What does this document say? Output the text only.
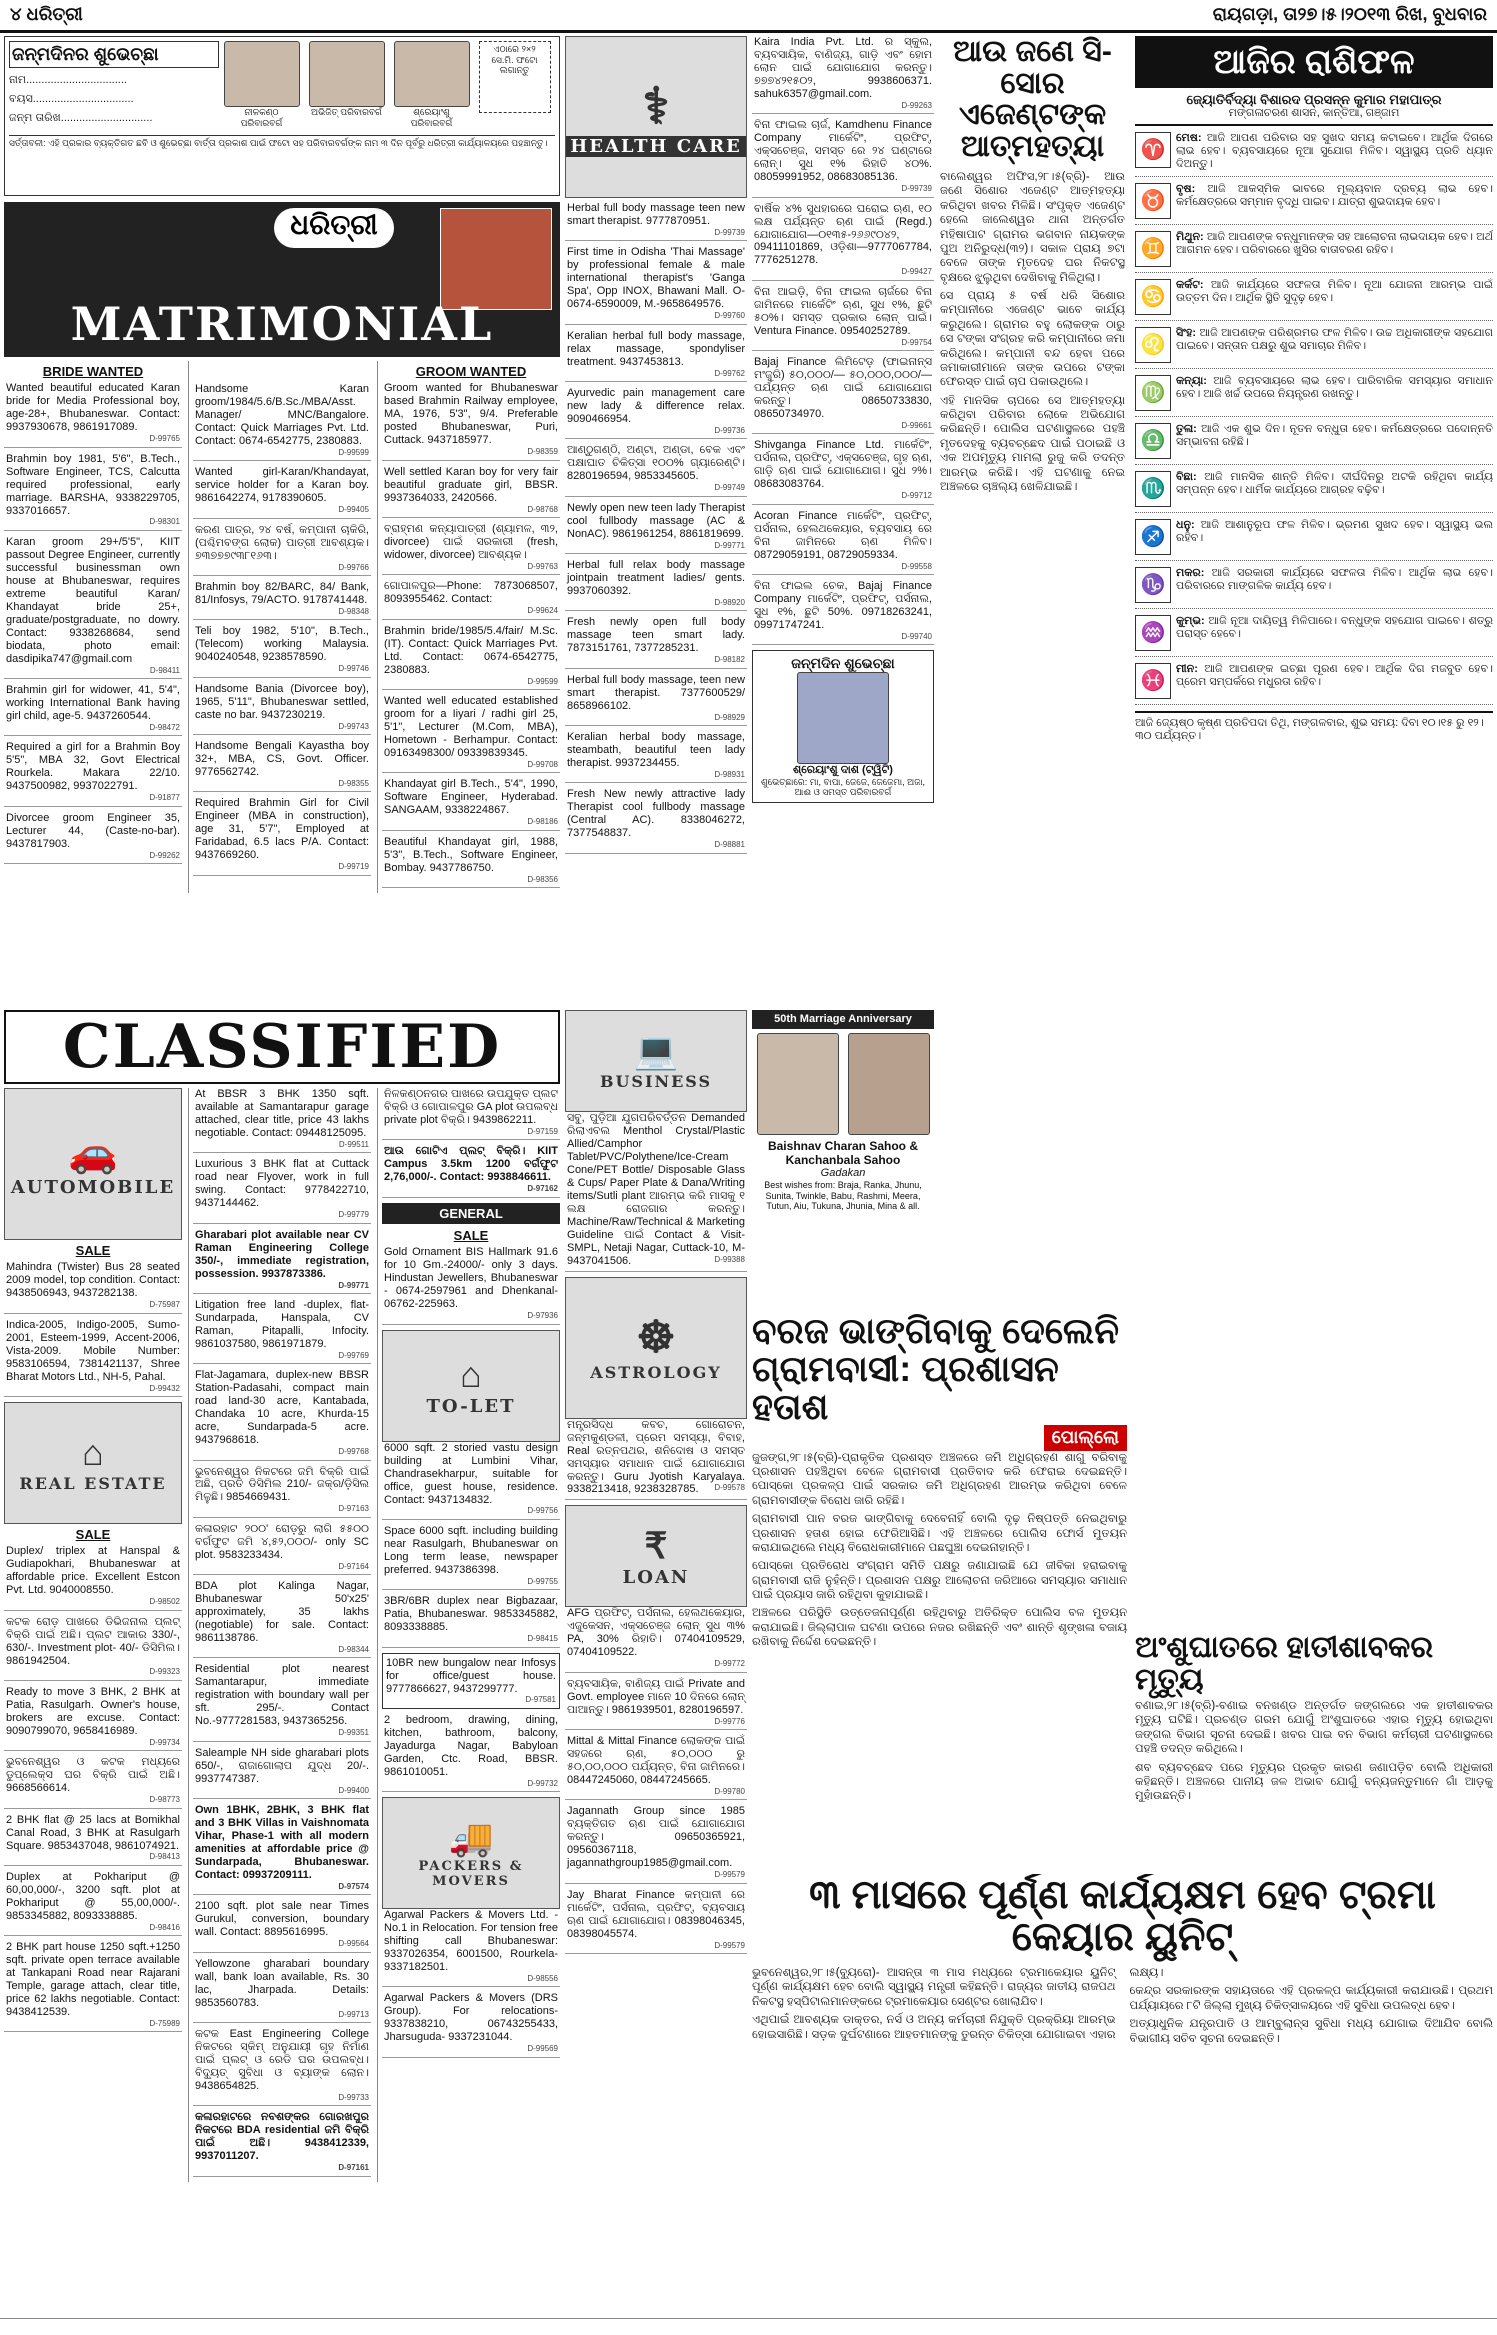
୪ ଧରିତ୍ରୀ	ରାୟଗଡ଼ା, ତା୨୭।୫।୨୦୧୩ ରିଖ, ବୁଧବାର
ଜନ୍ମଦିନର ଶୁଭେଚ୍ଛା
ନାମ.................................
ବୟସ.................................
ଜନ୍ମ ତାରିଖ..............................
ନୀଳକଣ୍ଠ ପରିବାରବର୍ଗ
ଅଭିଜିତ୍ ପରିବାରବର୍ଗ	ଶ୍ରେୟାଂଶୁ ପରିବାରବର୍ଗ
ଏଠାରେ ୨×୨ ସେ.ମି. ଫଟୋ ଲଗାନ୍ତୁ
ସର୍ତ୍ତାବଳୀ: ଏହି ପ୍ରକାର ବ୍ୟକ୍ତିଗତ ଛବି ଓ ଶୁଭେଚ୍ଛା ବାର୍ତ୍ତା ପ୍ରକାଶ ପାଇଁ ଫଟୋ ସହ ପରିବାରବର୍ଗଙ୍କ ନାମ ୩ ଦିନ ପୂର୍ବରୁ ଧରିତ୍ରୀ କାର୍ଯ୍ୟାଳୟରେ ପହଞ୍ଚାନ୍ତୁ।
ଧରିତ୍ରୀ
MATRIMONIAL
BRIDE WANTED
Wanted beautiful educated Karan bride for Media Professional boy, age-28+, Bhubaneswar. Contact: 9937930678, 9861917089.

D-99765
Brahmin boy 1981, 5'6", B.Tech., Software Engineer, TCS, Calcutta required professional, early marriage. BARSHA, 9338229705, 9337016657.

D-98301
Karan groom 29+/5'5", KIIT passout Degree Engineer, currently successful businessman own house at Bhubaneswar, requires extreme beautiful Karan/ Khandayat bride 25+, graduate/postgraduate, no dowry. Contact: 9338268684, send biodata, photo email: dasdipika747@gmail.com

D-98411
Brahmin girl for widower, 41, 5'4", working International Bank having girl child, age-5. 9437260544.

D-98472
Required a girl for a Brahmin Boy 5'5", MBA 32, Govt Electrical Rourkela. Makara 22/10. 9437500982, 9937022791.

D-91877
Divorcee groom Engineer 35, Lecturer 44, (Caste-no-bar). 9437817903.

D-99262
Handsome Karan groom/1984/5.6/B.Sc./MBA/Asst. Manager/ MNC/Bangalore. Contact: Quick Marriages Pvt. Ltd. Contact: 0674-6542775, 2380883.

D-99599
Wanted girl-Karan/Khandayat, service holder for a Karan boy. 9861642274, 9178390605.

D-99405
କରଣ ପାତ୍ର, ୨୪ ବର୍ଷ, କମ୍ପାନୀ ଚାକିରି, (ପଶ୍ଚିମବଙ୍ଗ ଲୋକ) ପାତ୍ରୀ ଆବଶ୍ୟକ। ୭୩୭୭୭୯୩୮୧୬୩।

D-99766
Brahmin boy 82/BARC, 84/ Bank, 81/Infosys, 79/ACTO. 9178741448.

D-98348
Teli boy 1982, 5'10", B.Tech., (Telecom) working Malaysia. 9040240548, 9238578590.

D-99746
Handsome Bania (Divorcee boy), 1965, 5'11", Bhubaneswar settled, caste no bar. 9437230219.

D-99743
Handsome Bengali Kayastha boy 32+, MBA, CS, Govt. Officer. 9776562742.

D-98355
Required Brahmin Girl for Civil Engineer (MBA in construction), age 31, 5'7", Employed at Faridabad, 6.5 lacs P/A. Contact: 9437669260.

D-99719
GROOM WANTED
Groom wanted for Bhubaneswar based Brahmin Railway employee, MA, 1976, 5'3", 9/4. Preferable posted Bhubaneswar, Puri, Cuttack. 9437185977.

D-98359
Well settled Karan boy for very fair beautiful graduate girl, BBSR. 9937364033, 2420566.

D-98768
ବ୍ରାହ୍ମଣ କନ୍ୟାପାତ୍ରୀ (ଶ୍ୟାମଳ, ୩୨, divorcee) ପାଇଁ ସରକାରୀ (fresh, widower, divorcee) ଆବଶ୍ୟକ।

D-99763
ଗୋପାଳପୁର—Phone: 7873068507, 8093955462. Contact:

D-99624
Brahmin bride/1985/5.4/fair/ M.Sc. (IT). Contact: Quick Marriages Pvt. Ltd. Contact: 0674-6542775, 2380883.

D-99599
Wanted well educated established groom for a Iiyari / radhi girl 25, 5'1", Lecturer (M.Com, MBA), Hometown - Berhampur. Contact: 09163498300/ 09339839345.

D-99708
Khandayat girl B.Tech., 5'4", 1990, Software Engineer, Hyderabad. SANGAAM, 9338224867.

D-98186
Beautiful Khandayat girl, 1988, 5'3", B.Tech., Software Engineer, Bombay. 9437786750.

D-98356
⚕
HEALTH CARE
Herbal full body massage teen new smart therapist. 9777870951.

D-99739
First time in Odisha 'Thai Massage' by professional female & male international therapist's 'Ganga Spa', Opp INOX, Bhawani Mall. O-0674-6590009, M.-9658649576.

D-99760
Keralian herbal full body massage, relax massage, spondyliser treatment. 9437453813.

D-99762
Ayurvedic pain management care new lady & difference relax. 9090466954.

D-99736
ଆଣ୍ଠୁଗଣ୍ଠି, ଅଣ୍ଟା, ଅଣ୍ଡା, ବେକ ଏବଂ ପକ୍ଷାଘାତ ଚିକିତ୍ସା ୧୦୦% ଗ୍ୟାରେଣ୍ଟି। 8280196594, 9853345605.

D-99749
Newly open new teen lady Therapist cool fullbody massage (AC & NonAC). 9861961254, 8861819699.

D-99771
Herbal full relax body massage jointpain treatment ladies/ gents. 9937060392.

D-98920
Fresh newly open full body massage teen smart lady. 7873151761, 7377285231.

D-98182
Herbal full body massage, teen new smart therapist. 7377600529/ 8658966102.

D-98929
Keralian herbal body massage, steambath, beautiful teen lady therapist. 9937234455.

D-98931
Fresh New newly attractive lady Therapist cool fullbody massage (Central AC). 8338046272, 7377548837.

D-98881
Kaira India Pvt. Ltd. ର ସ୍କୁଲ, ବ୍ୟବସାୟିକ, ବାଣିଜ୍ୟ, ଗାଡ଼ି ଏବଂ ହୋମ ଲୋନ ପାଇଁ ଯୋଗାଯୋଗ କରନ୍ତୁ। ୭୭୭୪୨୧୫୦୨, 9938606371. sahuk6357@gmail.com.

D-99263
ବିନା ଫାଇଲ ଚାର୍ଜ, Kamdhenu Finance Company ମାର୍କେଟିଂ, ପ୍ରଫିଟ୍, ଏକ୍ସଚେଞ୍ଜ, ସମସ୍ତ ରେ ୨୪ ଘଣ୍ଟାରେ ଲୋନ୍। ସୁଧ ୧% ରିହାତି ୪୦%. 08059991952, 08683085136.

D-99739
ବାର୍ଷିକ ୪% ସୁଧହାରରେ ଘରୋଇ ଋଣ, ୧୦ ଲକ୍ଷ ପର୍ଯ୍ୟନ୍ତ ଋଣ ପାଇଁ (Regd.) ଯୋଗାଯୋଗ—୦୧୩୫-୨୬୬୯୦୪୨, 09411101869, ଓଡ଼ିଶା—9777067784, 7776251278.

D-99427
ବିନା ଆଇଡ଼ି, ବିନା ଫାଇଲ ଚାର୍ଜରେ ବିନା ଜାମିନରେ ମାର୍କେଟିଂ ଋଣ, ସୁଧ ୧%, ଛୁଟି ୫୦%। ସମସ୍ତ ପ୍ରକାର ଲୋନ୍ ପାଇଁ। Ventura Finance. 09540252789.

D-99754
Bajaj Finance ଲିମିଟେଡ଼ (ଫାଇନାନ୍ସ ମଂଜୁରି) ୫୦,୦୦୦/— ୫୦,୦୦୦,୦୦୦/— ପର୍ଯ୍ୟନ୍ତ ଋଣ ପାଇଁ ଯୋଗାଯୋଗ କରନ୍ତୁ। 08650733830, 08650734970.

D-99661
Shivganga Finance Ltd. ମାର୍କେଟିଂ, ପର୍ସନାଲ, ପ୍ରଫିଟ୍, ଏକ୍ସଚେଞ୍ଜ, ଗୃହ ଋଣ, ଗାଡ଼ି ଋଣ ପାଇଁ ଯୋଗାଯୋଗ। ସୁଧ ୨%। 08683083764.

D-99712
Acoran Finance ମାର୍କେଟିଂ, ପ୍ରଫିଟ୍, ପର୍ସନାଲ, ହେଲଥକେୟାର, ବ୍ୟବସାୟ ରେ ବିନା ଜାମିନରେ ଋଣ ମିଳିବ। 08729059191, 08729059334.

D-99558
ବିନା ଫାଇଲ ଚେକ, Bajaj Finance Company ମାର୍କେଟିଂ, ପ୍ରଫିଟ୍, ପର୍ସନାଲ, ସୁଧ ୧%, ଛୁଟି 50%. 09718263241, 09971747241.

D-99740
ଜନ୍ମଦିନ ଶୁଭେଚ୍ଛା
ଶ୍ରେୟାଂଶୁ ଦାଶ (ଟ୍ୱିଟି)
ଶୁଭେଚ୍ଛାରେ: ମା, ବାପା, ଜେଜେ, ଜେଜେମା, ଅଜା, ଆଈ ଓ ସମସ୍ତ ପରିବାରବର୍ଗ
ଆଉ ଜଣେ ସି-ସୋର ଏଜେଣ୍ଟଙ୍କ ଆତ୍ମହତ୍ୟା

ବାଲେଶ୍ୱର ଅଫିସ,୨୮।୫(ବ୍ରି)- ଆଉ ଜଣେ ସିଶୋର ଏଜେଣ୍ଟ ଆତ୍ମହତ୍ୟା କରିଥିବା ଖବର ମିଳିଛି। ସଂପୃକ୍ତ ଏଜେଣ୍ଟ ହେଲେ ଜାଲେଶ୍ୱର ଥାନା ଅନ୍ତର୍ଗତ ମହିଷାପାଟ ଗ୍ରାମର ଭଗବାନ ନାୟକଙ୍କ ପୁଅ ଅନିରୁଦ୍ଧ(୩୨)। ସକାଳ ପ୍ରାୟ ୭ଟା ବେଳେ ତାଙ୍କ ମୃତଦେହ ଘର ନିକଟସ୍ଥ ବୃକ୍ଷରେ ଝୁଲୁଥିବା ଦେଖିବାକୁ ମିଳିଥିଲା।

ସେ ପ୍ରାୟ ୫ ବର୍ଷ ଧରି ସିଶୋର କମ୍ପାନୀରେ ଏଜେଣ୍ଟ ଭାବେ କାର୍ଯ୍ୟ କରୁଥିଲେ। ଗ୍ରାମର ବହୁ ଲୋକଙ୍କ ଠାରୁ ସେ ଟଙ୍କା ସଂଗ୍ରହ କରି କମ୍ପାନୀରେ ଜମା କରିଥିଲେ। କମ୍ପାନୀ ବନ୍ଦ ହେବା ପରେ ଜମାକାରୀମାନେ ତାଙ୍କ ଉପରେ ଟଙ୍କା ଫେରସ୍ତ ପାଇଁ ଚାପ ପକାଉଥିଲେ।

ଏହି ମାନସିକ ଚାପରେ ସେ ଆତ୍ମହତ୍ୟା କରିଥିବା ପରିବାର ଲୋକେ ଅଭିଯୋଗ କରିଛନ୍ତି। ପୋଲିସ ଘଟଣାସ୍ଥଳରେ ପହଞ୍ଚି ମୃତଦେହକୁ ବ୍ୟବଚ୍ଛେଦ ପାଇଁ ପଠାଇଛି ଓ ଏକ ଅପମୃତ୍ୟୁ ମାମଲା ରୁଜୁ କରି ତଦନ୍ତ ଆରମ୍ଭ କରିଛି। ଏହି ଘଟଣାକୁ ନେଇ ଅଞ୍ଚଳରେ ଚାଞ୍ଚଲ୍ୟ ଖେଳିଯାଇଛି।

ଆଜିର ରାଶିଫଳ
ଜ୍ୟୋତିର୍ବିଦ୍ୟା ବିଶାରଦ ପ୍ରସନ୍ନ କୁମାର ମହାପାତ୍ର
ମଙ୍ଗଳାଚରଣ ଶାସନ, କାନ୍ତିଆ, ଗଞ୍ଜାମ
♈

ମେଷ: ଆଜି ଆପଣ ପରିବାର ସହ ସୁଖଦ ସମୟ କଟାଇବେ। ଆର୍ଥିକ ଦିଗରେ ଲାଭ ହେବ। ବ୍ୟବସାୟରେ ନୂଆ ସୁଯୋଗ ମିଳିବ। ସ୍ୱାସ୍ଥ୍ୟ ପ୍ରତି ଧ୍ୟାନ ଦିଅନ୍ତୁ।

♉

ବୃଷ: ଆଜି ଆକସ୍ମିକ ଭାବରେ ମୂଲ୍ୟବାନ ଦ୍ରବ୍ୟ ଲାଭ ହେବ। କର୍ମକ୍ଷେତ୍ରରେ ସମ୍ମାନ ବୃଦ୍ଧି ପାଇବ। ଯାତ୍ରା ଶୁଭଦାୟକ ହେବ।

♊

ମିଥୁନ: ଆଜି ଆପଣଙ୍କ ବନ୍ଧୁମାନଙ୍କ ସହ ଆଲୋଚନା ଲାଭଦାୟକ ହେବ। ଅର୍ଥ ଆଗମନ ହେବ। ପରିବାରରେ ଖୁସିର ବାତାବରଣ ରହିବ।

♋

କର୍କଟ: ଆଜି କାର୍ଯ୍ୟରେ ସଫଳତା ମିଳିବ। ନୂଆ ଯୋଜନା ଆରମ୍ଭ ପାଇଁ ଉତ୍ତମ ଦିନ। ଆର୍ଥିକ ସ୍ଥିତି ସୁଦୃଢ଼ ହେବ।

♌

ସିଂହ: ଆଜି ଆପଣଙ୍କ ପରିଶ୍ରମର ଫଳ ମିଳିବ। ଉଚ୍ଚ ଅଧିକାରୀଙ୍କ ସହଯୋଗ ପାଇବେ। ସନ୍ତାନ ପକ୍ଷରୁ ଶୁଭ ସମାଚାର ମିଳିବ।

♍

କନ୍ୟା: ଆଜି ବ୍ୟବସାୟରେ ଲାଭ ହେବ। ପାରିବାରିକ ସମସ୍ୟାର ସମାଧାନ ହେବ। ଆଜି ଖର୍ଚ୍ଚ ଉପରେ ନିୟନ୍ତ୍ରଣ ରଖନ୍ତୁ।

♎

ତୁଳା: ଆଜି ଏକ ଶୁଭ ଦିନ। ନୂତନ ବନ୍ଧୁତା ହେବ। କର୍ମକ୍ଷେତ୍ରରେ ପଦୋନ୍ନତି ସମ୍ଭାବନା ରହିଛି।

♏

ବିଛା: ଆଜି ମାନସିକ ଶାନ୍ତି ମିଳିବ। ଦୀର୍ଘଦିନରୁ ଅଟକି ରହିଥିବା କାର୍ଯ୍ୟ ସମ୍ପନ୍ନ ହେବ। ଧାର୍ମିକ କାର୍ଯ୍ୟରେ ଆଗ୍ରହ ବଢ଼ିବ।

♐

ଧନୁ: ଆଜି ଆଶାନୁରୂପ ଫଳ ମିଳିବ। ଭ୍ରମଣ ସୁଖଦ ହେବ। ସ୍ୱାସ୍ଥ୍ୟ ଭଲ ରହିବ।

♑

ମକର: ଆଜି ସରକାରୀ କାର୍ଯ୍ୟରେ ସଫଳତା ମିଳିବ। ଆର୍ଥିକ ଲାଭ ହେବ। ପରିବାରରେ ମାଙ୍ଗଳିକ କାର୍ଯ୍ୟ ହେବ।

♒

କୁମ୍ଭ: ଆଜି ନୂଆ ଦାୟିତ୍ୱ ମିଳିପାରେ। ବନ୍ଧୁଙ୍କ ସହଯୋଗ ପାଇବେ। ଶତ୍ରୁ ପରାସ୍ତ ହେବେ।

♓

ମୀନ: ଆଜି ଆପଣଙ୍କ ଇଚ୍ଛା ପୂରଣ ହେବ। ଆର୍ଥିକ ଦିଗ ମଜବୁତ ହେବ। ପ୍ରେମ ସମ୍ପର୍କରେ ମଧୁରତା ରହିବ।

ଆଜି ଜ୍ୟେଷ୍ଠ କୃଷ୍ଣ ପ୍ରତିପଦା ତିଥି, ମଙ୍ଗଳବାର, ଶୁଭ ସମୟ: ଦିବା ୧୦।୧୫ ରୁ ୧୨।୩୦ ପର୍ଯ୍ୟନ୍ତ।
CLASSIFIED
🚗
AUTOMOBILE
SALE
Mahindra (Twister) Bus 28 seated 2009 model, top condition. Contact: 9438506943, 9437282138.

D-75987
Indica-2005, Indigo-2005, Sumo-2001, Esteem-1999, Accent-2006, Vista-2009. Mobile Number: 9583106594, 7381421137, Shree Bharat Motors Ltd., NH-5, Pahal.

D-99432
⌂
REAL ESTATE
SALE
Duplex/ triplex at Hanspal & Gudiapokhari, Bhubaneswar at affordable price. Excellent Estcon Pvt. Ltd. 9040008550.

D-98502
କଟକ ରୋଡ଼ ପାଖରେ ଡିଭିଜନାଲ ପ୍ଲଟ୍ ବିକ୍ରି ପାଇଁ ଅଛି। ପ୍ଲଟ ଆକାର 330/-, 630/-. Investment plot- 40/- ଡିସିମିଲ। 9861942504.

D-99323
Ready to move 3 BHK, 2 BHK at Patia, Rasulgarh. Owner's house, brokers are excuse. Contact: 9090799070, 9658416989.

D-99734
ଭୁବନେଶ୍ୱର ଓ କଟକ ମଧ୍ୟରେ ଡୁପ୍ଲେକ୍ସ ଘର ବିକ୍ରି ପାଇଁ ଅଛି। 9668566614.

D-98773
2 BHK flat @ 25 lacs at Bomikhal Canal Road, 3 BHK at Rasulgarh Square. 9853437048, 9861074921.

D-98413
Duplex at Pokhariput @ 60,00,000/-, 3200 sqft. plot at Pokhariput @ 55,00,000/-. 9853345882, 8093338885.

D-98416
2 BHK part house 1250 sqft.+1250 sqft. private open terrace available at Tankapani Road near Rajarani Temple, garage attach, clear title, price 62 lakhs negotiable. Contact: 9438412539.

D-75989
At BBSR 3 BHK 1350 sqft. available at Samantarapur garage attached, clear title, price 43 lakhs negotiable. Contact: 09448125095.

D-99511
Luxurious 3 BHK flat at Cuttack road near Flyover, work in full swing. Contact: 9778422710, 9437144462.

D-99779
Gharabari plot available near CV Raman Engineering College 350/-, immediate registration, possession. 9937873386.

D-99771
Litigation free land -duplex, flat-Sundarpada, Hanspala, CV Raman, Pitapalli, Infocity. 9861037580, 9861971879.

D-99769
Flat-Jagamara, duplex-new BBSR Station-Padasahi, compact main road land-30 acre, Kantabada, Chandaka 10 acre, Khurda-15 acre, Sundarpada-5 acre. 9437968618.

D-99768
ଭୁବନେଶ୍ୱର ନିକଟରେ ଜମି ବିକ୍ରି ପାଇଁ ଅଛି, ପ୍ରତି ଡିସିମିଲ 210/- ଜକ୍ର/ଡ଼ିସିଲ ମିଳୁଛି। 9854669431.

D-97163
କଳାରହାଟ ୨୦୦' ରୋଡ଼ରୁ ଲାଗି ୫୫୦୦ ବର୍ଗଫୁଟ ଜମି ୪,୫୨,୦୦୦/- only SC plot. 9583233434.

D-97164
BDA plot Kalinga Nagar, Bhubaneswar 50'x25' approximately, 35 lakhs (negotiable) for sale. Contact: 9861138786.

D-98344
Residential plot nearest Samantarapur, immediate registration with boundary wall per sft. 295/-. Contact No.-9777281583, 9437365256.

D-99351
Saleample NH side gharabari plots 650/-, ରାଜାଗୋଲାପ ଯୁଦ୍ଧ 20/-. 9937747387.

D-99400
Own 1BHK, 2BHK, 3 BHK flat and 3 BHK Villas in Vaishnomata Vihar, Phase-1 with all modern amenities at affordable price @ Sundarpada, Bhubaneswar. Contact: 09937209111.

D-97574
2100 sqft. plot sale near Times Gurukul, conversion, boundary wall. Contact: 8895616995.

D-99564
Yellowzone gharabari boundary wall, bank loan available, Rs. 30 lac, Jharpada. Details: 9853560783.

D-99713
କଟକ East Engineering College ନିକଟରେ ସ୍କିମ୍ ଅନୁଯାୟୀ ଗୃହ ନିର୍ମାଣ ପାଇଁ ପ୍ଲଟ୍ ଓ ରେଡି ଘର ଉପଲବ୍ଧ। ବିଦ୍ୟୁତ୍ ସୁବିଧା ଓ ବ୍ୟାଙ୍କ ଲୋନ। 9438654825.

D-99733
କଳାରହାଟରେ ନବଶଙ୍କର ଗୋରଖପୁର ନିକଟରେ BDA residential ଜମି ବିକ୍ରି ପାଇଁ ଅଛି। 9438412339, 9937011207.

D-97161
ନିଳକଣ୍ଠନଗର ପାଖରେ ଉପଯୁକ୍ତ ପ୍ଲଟ ବିକ୍ରି ଓ ଗୋପାଳପୁର GA plot ଉପଲବ୍ଧ private plot ବିକ୍ରି। 9439862211.

D-97159
ଆଉ ଗୋଟିଏ ପ୍ଲଟ୍ ବିକ୍ରି। KIIT Campus 3.5km 1200 ବର୍ଗଫୁଟ 2,76,000/-. Contact: 9938846611.

D-97162
GENERAL
SALE
Gold Ornament BIS Hallmark 91.6 for 10 Gm.-24000/- only 3 days. Hindustan Jewellers, Bhubaneswar - 0674-2597961 and Dhenkanal-06762-225963.

D-97936
⌂
TO-LET
6000 sqft. 2 storied vastu design building at Lumbini Vihar, Chandrasekharpur, suitable for office, guest house, residence. Contact: 9437134832.

D-99756
Space 6000 sqft. including building near Rasulgarh, Bhubaneswar on Long term lease, newspaper preferred. 9437386398.

D-99755
3BR/6BR duplex near Bigbazaar, Patia, Bhubaneswar. 9853345882, 8093338885.

D-98415
10BR new bungalow near Infosys for office/guest house. 9777866627, 9437299777.

D-97581
2 bedroom, drawing, dining, kitchen, bathroom, balcony, Jayadurga Nagar, Babyloan Garden, Ctc. Road, BBSR. 9861010051.

D-99732
🚚
PACKERS & MOVERS
Agarwal Packers & Movers Ltd. - No.1 in Relocation. For tension free shifting call Bhubaneswar: 9337026354, 6001500, Rourkela-9337182501.

D-98556
Agarwal Packers & Movers (DRS Group). For relocations-9337838210, 06743255433, Jharsuguda- 9337231044.

D-99569
💻
BUSINESS
ସବୁ, ପୁଡ଼ିଆ ଯୁଗପରିବର୍ତ୍ତନ Demanded ରିଲାଏବଲ Menthol Crystal/Plastic Allied/Camphor Tablet/PVC/Polythene/Ice-Cream Cone/PET Bottle/ Disposable Glass & Cups/ Paper Plate & Dana/Writing items/Sutli plant ଆରମ୍ଭ କରି ମାସକୁ ୧ ଲକ୍ଷ ରୋଜଗାର କରନ୍ତୁ। Machine/Raw/Technical & Marketing Guideline ପାଇଁ Contact & Visit-SMPL, Netaji Nagar, Cuttack-10, M-9437041506.	D-99388
☸
ASTROLOGY
ମନ୍ତ୍ରସିଦ୍ଧ କବଚ, ଗୋରୋଚନ, ଜନ୍ମକୁଣ୍ଡଳୀ, ପ୍ରେମ ସମସ୍ୟା, ବିବାହ, Real ରତ୍ନପଥର, ଶନିଦୋଷ ଓ ସମସ୍ତ ସମସ୍ୟାର ସମାଧାନ ପାଇଁ ଯୋଗାଯୋଗ କରନ୍ତୁ। Guru Jyotish Karyalaya. 9338213418, 9238328785. D-99578
₹
LOAN
AFG ପ୍ରଫିଟ୍, ପର୍ସନାଲ, ହେଲଥକେୟାର, ଏଜୁକେସନ, ଏକ୍ସଚେଞ୍ଜ ଲୋନ୍ ସୁଧ ୩% PA, 30% ରିହାତି। 07404109529, 07404109522.

D-99772
ବ୍ୟବସାୟିକ, ବାଣିଜ୍ୟ ପାଇଁ Private and Govt. employee ମାନେ 10 ଦିନରେ ଲୋନ୍ ପାଆନ୍ତୁ। 9861939501, 8280196597.

D-99776
Mittal & Mittal Finance ଲୋକଙ୍କ ପାଇଁ ସହଜରେ ଋଣ, ୫୦,୦୦୦ ରୁ ୫୦,୦୦,୦୦୦ ପର୍ଯ୍ୟନ୍ତ, ବିନା ଜାମିନରେ। 08447245060, 08447245665.

D-99780
Jagannath Group since 1985 ବ୍ୟକ୍ତିଗତ ଋଣ ପାଇଁ ଯୋଗାଯୋଗ କରନ୍ତୁ। 09650365921, 09560367118, jagannathgroup1985@gmail.com.

D-99579
Jay Bharat Finance କମ୍ପାନୀ ରେ ମାର୍କେଟିଂ, ପର୍ସନାଲ, ପ୍ରଫିଟ୍, ବ୍ୟବସାୟ ଋଣ ପାଇଁ ଯୋଗାଯୋଗ। 08398046345, 08398045574.

D-99579
50th Marriage Anniversary
Baishnav Charan Sahoo & Kanchanbala Sahoo
Gadakan
Best wishes from: Braja, Ranka, Jhunu, Sunita, Twinkle, Babu, Rashmi, Meera, Tutun, Aiu, Tukuna, Jhunia, Mina & all.
ବରଜ ଭାଙ୍ଗିବାକୁ ଦେଲେନି ଗ୍ରାମବାସୀ: ପ୍ରଶାସନ ହତାଶ
ପୋଲ୍ଲୋ

ଜୁଜଙ୍ଗ,୨୮।୫(ବ୍ରି)-ପ୍ରାକୃତିକ ପ୍ରଶସ୍ତ ଅଞ୍ଚଳରେ ଜମି ଅଧିଗ୍ରହଣ ଶାଗୁ ବରିବାକୁ ପ୍ରଶାସନ ପହଞ୍ଚିଥିବା ବେଳେ ଗ୍ରାମବାସୀ ପ୍ରତିବାଦ କରି ଫେରାଇ ଦେଇଛନ୍ତି। ପୋସ୍କୋ ପ୍ରକଳ୍ପ ପାଇଁ ସରକାର ଜମି ଅଧିଗ୍ରହଣ ଆରମ୍ଭ କରିଥିବା ବେଳେ ଗ୍ରାମବାସୀଙ୍କ ବିରୋଧ ଜାରି ରହିଛି।

ଗ୍ରାମବାସୀ ପାନ ବରଜ ଭାଙ୍ଗିବାକୁ ଦେବେନାହିଁ ବୋଲି ଦୃଢ଼ ନିଷ୍ପତ୍ତି ନେଇଥିବାରୁ ପ୍ରଶାସନ ହତାଶ ହୋଇ ଫେରିଆସିଛି। ଏହି ଅଞ୍ଚଳରେ ପୋଲିସ ଫୋର୍ସ ମୁତୟନ କରାଯାଇଥିଲେ ମଧ୍ୟ ବିରୋଧକାରୀମାନେ ପଛଘୁଞ୍ଚା ଦେଇନାହାନ୍ତି।

ପୋସ୍କୋ ପ୍ରତିରୋଧ ସଂଗ୍ରାମ ସମିତି ପକ୍ଷରୁ ଜଣାଯାଇଛି ଯେ ଜୀବିକା ହରାଇବାକୁ ଗ୍ରାମବାସୀ ରାଜି ନୁହଁନ୍ତି। ପ୍ରଶାସନ ପକ୍ଷରୁ ଆଲୋଚନା ଜରିଆରେ ସମସ୍ୟାର ସମାଧାନ ପାଇଁ ପ୍ରୟାସ ଜାରି ରହିଥିବା କୁହାଯାଇଛି।

ଅଞ୍ଚଳରେ ପରିସ୍ଥିତି ଉତ୍ତେଜନାପୂର୍ଣ୍ଣ ରହିଥିବାରୁ ଅତିରିକ୍ତ ପୋଲିସ ବଳ ମୁତୟନ କରାଯାଇଛି। ଜିଲ୍ଲାପାଳ ଘଟଣା ଉପରେ ନଜର ରଖିଛନ୍ତି ଏବଂ ଶାନ୍ତି ଶୃଙ୍ଖଳା ବଜାୟ ରଖିବାକୁ ନିର୍ଦ୍ଦେଶ ଦେଇଛନ୍ତି।	ଅଂଶୁଘାତରେ ହାତୀଶାବକର ମୃତ୍ୟୁ

ବଣାଇ,୨୮।୫(ବ୍ରି)-ବଣାଇ ବନଖଣ୍ଡ ଅନ୍ତର୍ଗତ ଜଙ୍ଗଲରେ ଏକ ହାତୀଶାବକର ମୃତ୍ୟୁ ଘଟିଛି। ପ୍ରଚଣ୍ଡ ଗରମ ଯୋଗୁଁ ଅଂଶୁଘାତରେ ଏହାର ମୃତ୍ୟୁ ହୋଇଥିବା ଜଙ୍ଗଲ ବିଭାଗ ସୂଚନା ଦେଇଛି। ଖବର ପାଇ ବନ ବିଭାଗ କର୍ମଚାରୀ ଘଟଣାସ୍ଥଳରେ ପହଞ୍ଚି ତଦନ୍ତ କରିଥିଲେ।

ଶବ ବ୍ୟବଚ୍ଛେଦ ପରେ ମୃତ୍ୟୁର ପ୍ରକୃତ କାରଣ ଜଣାପଡ଼ିବ ବୋଲି ଅଧିକାରୀ କହିଛନ୍ତି। ଅଞ୍ଚଳରେ ପାନୀୟ ଜଳ ଅଭାବ ଯୋଗୁଁ ବନ୍ୟଜନ୍ତୁମାନେ ଗାଁ ଆଡ଼କୁ ମୁହାଁଉଛନ୍ତି।

୩ ମାସରେ ପୂର୍ଣ୍ଣ କାର୍ଯ୍ୟକ୍ଷମ ହେବ ଟ୍ରମା କେୟାର ୟୁନିଟ୍

ଭୁବନେଶ୍ୱର,୨୮।୫(ବ୍ୟୁରୋ)- ଆସନ୍ତା ୩ ମାସ ମଧ୍ୟରେ ଟ୍ରମାକେୟାର ୟୁନିଟ୍ ପୂର୍ଣ୍ଣ କାର୍ଯ୍ୟକ୍ଷମ ହେବ ବୋଲି ସ୍ୱାସ୍ଥ୍ୟ ମନ୍ତ୍ରୀ କହିଛନ୍ତି। ରାଜ୍ୟର ଜାତୀୟ ରାଜପଥ ନିକଟସ୍ଥ ହସ୍ପିଟାଲମାନଙ୍କରେ ଟ୍ରମାକେୟାର ସେଣ୍ଟର ଖୋଲାଯିବ।

ଏଥିପାଇଁ ଆବଶ୍ୟକ ଡାକ୍ତର, ନର୍ସ ଓ ଅନ୍ୟ କର୍ମଚାରୀ ନିଯୁକ୍ତି ପ୍ରକ୍ରିୟା ଆରମ୍ଭ ହୋଇସାରିଛି। ସଡ଼କ ଦୁର୍ଘଟଣାରେ ଆହତମାନଙ୍କୁ ତୁରନ୍ତ ଚିକିତ୍ସା ଯୋଗାଇବା ଏହାର ଲକ୍ଷ୍ୟ।

କେନ୍ଦ୍ର ସରକାରଙ୍କ ସହାୟତାରେ ଏହି ପ୍ରକଳ୍ପ କାର୍ଯ୍ୟକାରୀ କରାଯାଉଛି। ପ୍ରଥମ ପର୍ଯ୍ୟାୟରେ ୮ଟି ଜିଲ୍ଲା ମୁଖ୍ୟ ଚିକିତ୍ସାଳୟରେ ଏହି ସୁବିଧା ଉପଲବ୍ଧ ହେବ।

ଅତ୍ୟାଧୁନିକ ଯନ୍ତ୍ରପାତି ଓ ଆମ୍ବୁଲାନ୍ସ ସୁବିଧା ମଧ୍ୟ ଯୋଗାଇ ଦିଆଯିବ ବୋଲି ବିଭାଗୀୟ ସଚିବ ସୂଚନା ଦେଇଛନ୍ତି।
